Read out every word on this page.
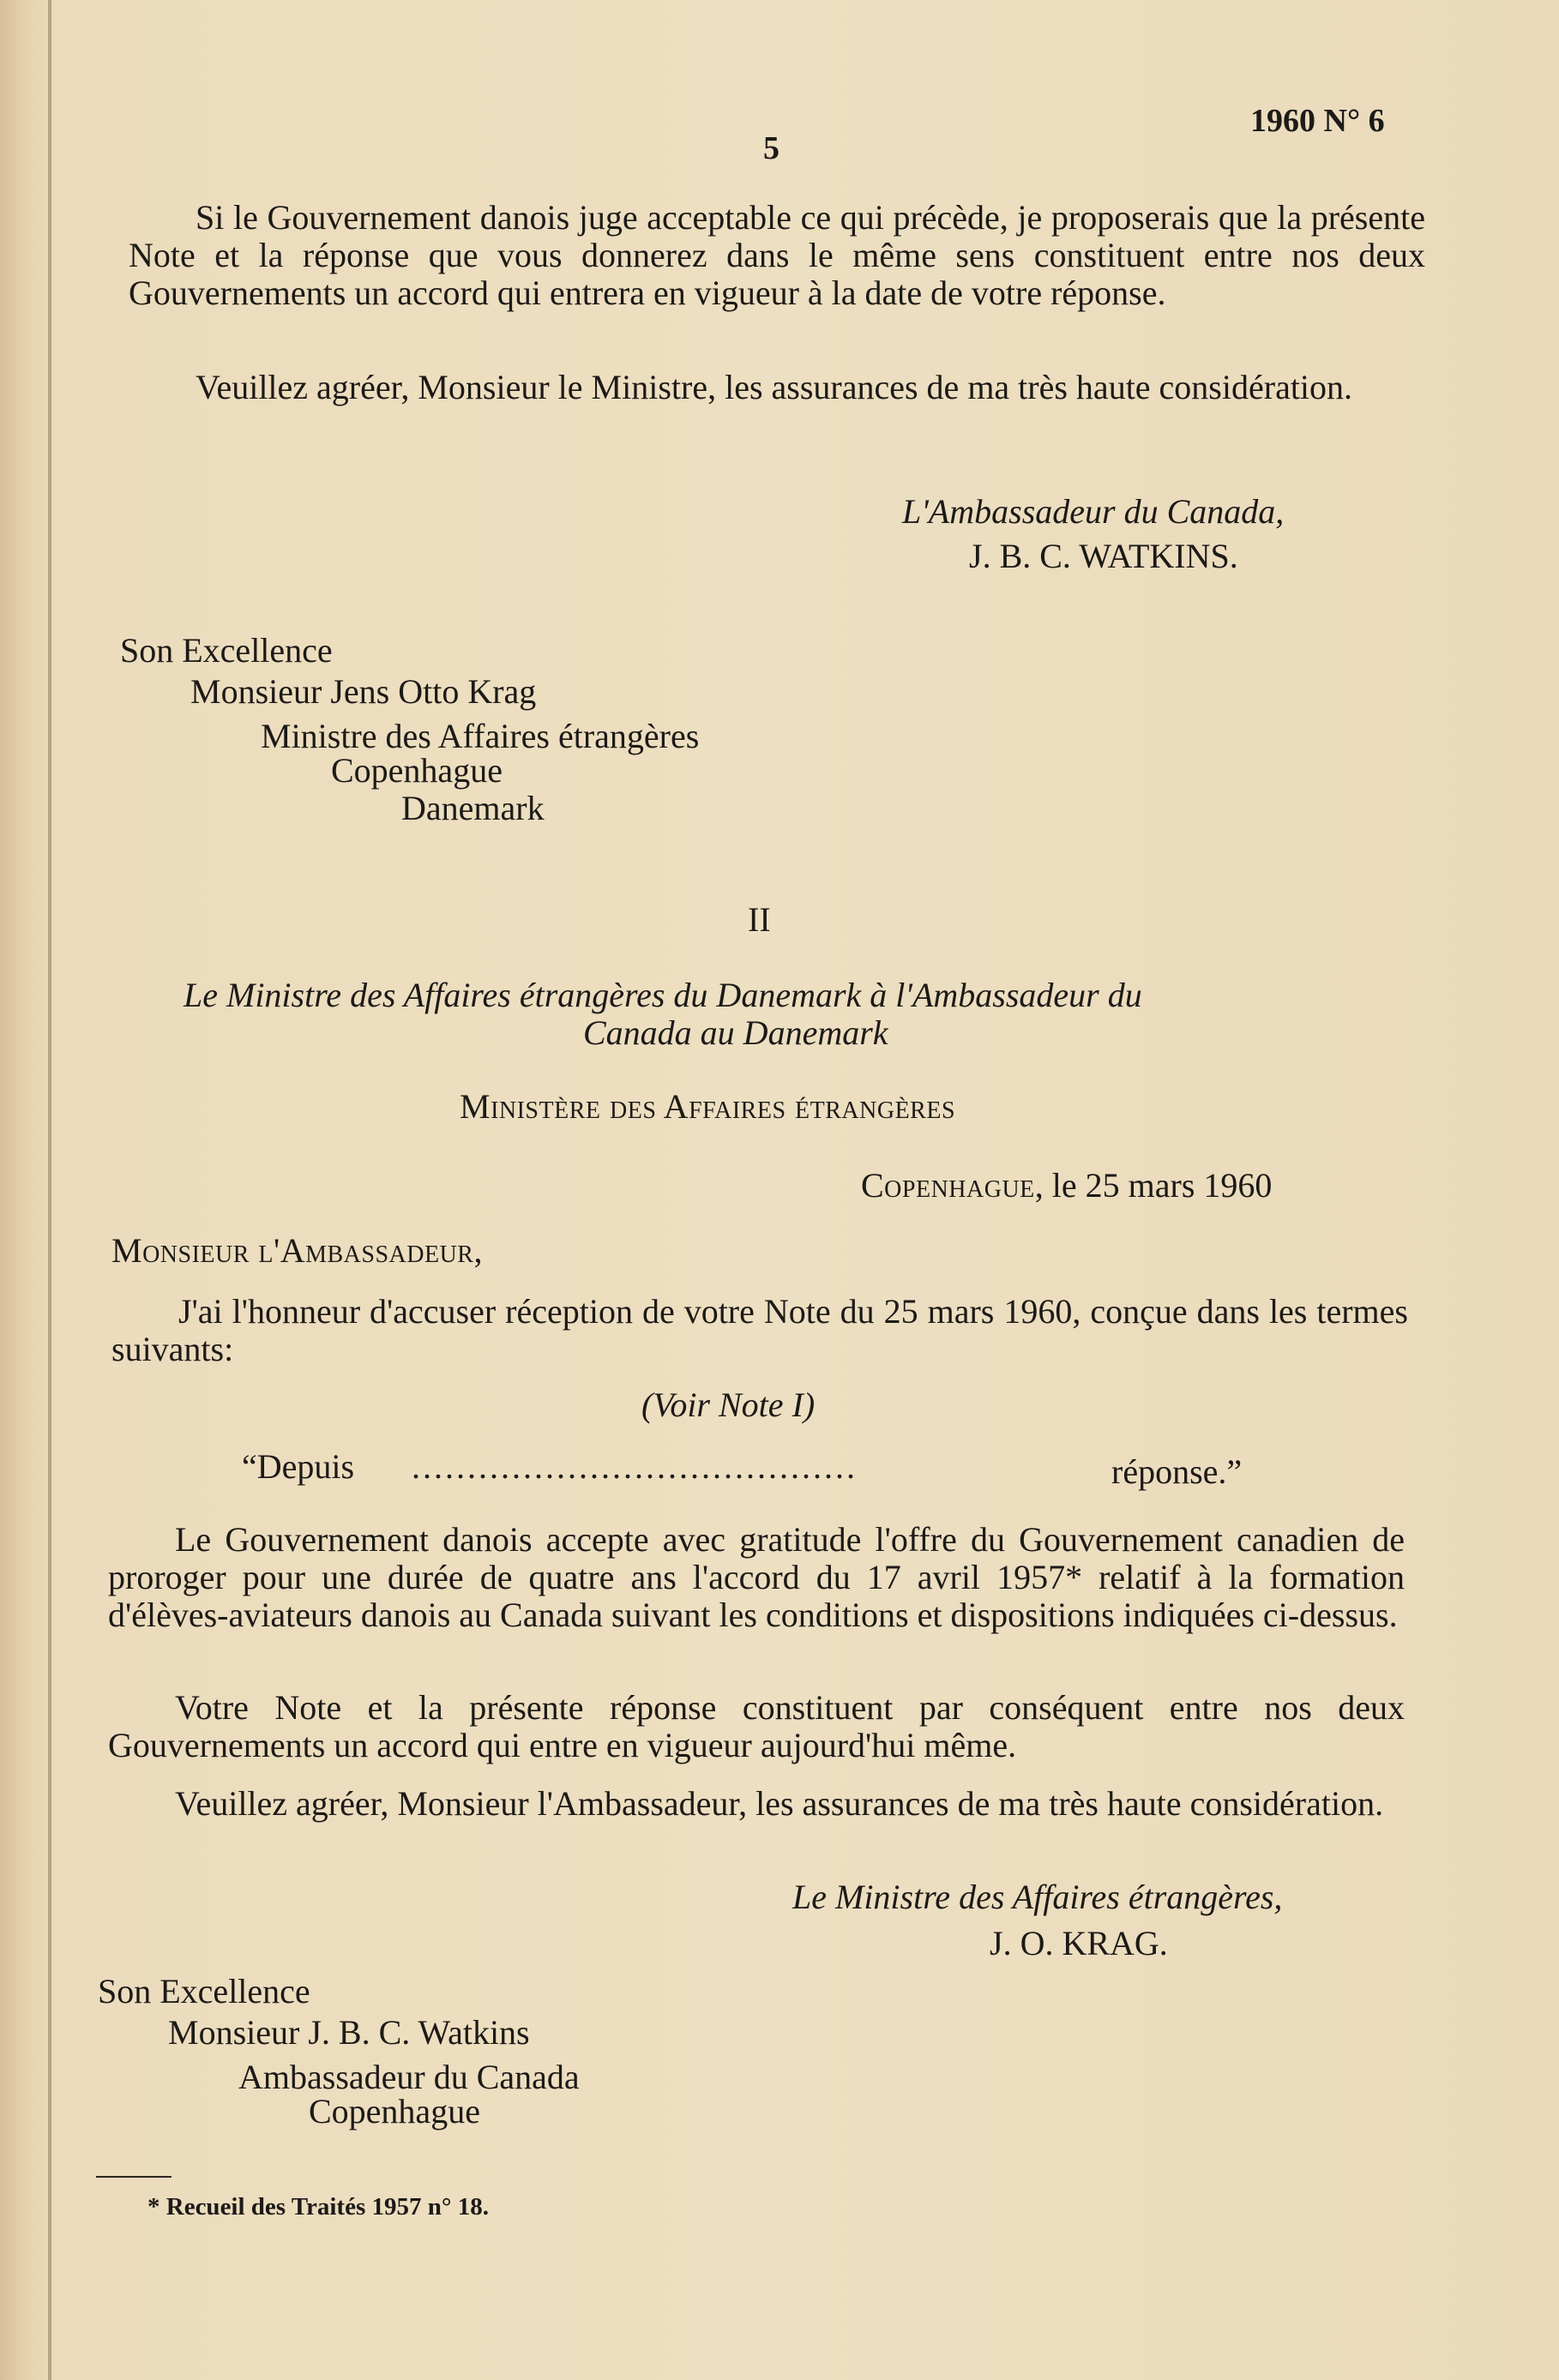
5
1960 N° 6
Si le Gouvernement danois juge acceptable ce qui précède, je proposerais que la présente Note et la réponse que vous donnerez dans le même sens constituent entre nos deux Gouvernements un accord qui entrera en vigueur à la date de votre réponse.
Veuillez agréer, Monsieur le Ministre, les assurances de ma très haute considération.
L'Ambassadeur du Canada,
J. B. C. WATKINS.
Son Excellence
Monsieur Jens Otto Krag
Ministre des Affaires étrangères
Copenhague
Danemark
II
Le Ministre des Affaires étrangères du Danemark à l'Ambassadeur du
Canada au Danemark
Ministère des Affaires étrangères
Copenhague, le 25 mars 1960
Monsieur l'Ambassadeur,
J'ai l'honneur d'accuser réception de votre Note du 25 mars 1960, conçue dans les termes suivants:
(Voir Note I)
“Depuis ........................................	réponse.”
Le Gouvernement danois accepte avec gratitude l'offre du Gouvernement canadien de proroger pour une durée de quatre ans l'accord du 17 avril 1957* relatif à la formation d'élèves-aviateurs danois au Canada suivant les conditions et dispositions indiquées ci-dessus.
Votre Note et la présente réponse constituent par conséquent entre nos deux Gouvernements un accord qui entre en vigueur aujourd'hui même.
Veuillez agréer, Monsieur l'Ambassadeur, les assurances de ma très haute considération.
Le Ministre des Affaires étrangères,
J. O. KRAG.
Son Excellence
Monsieur J. B. C. Watkins
Ambassadeur du Canada
Copenhague
* Recueil des Traités 1957 n° 18.
